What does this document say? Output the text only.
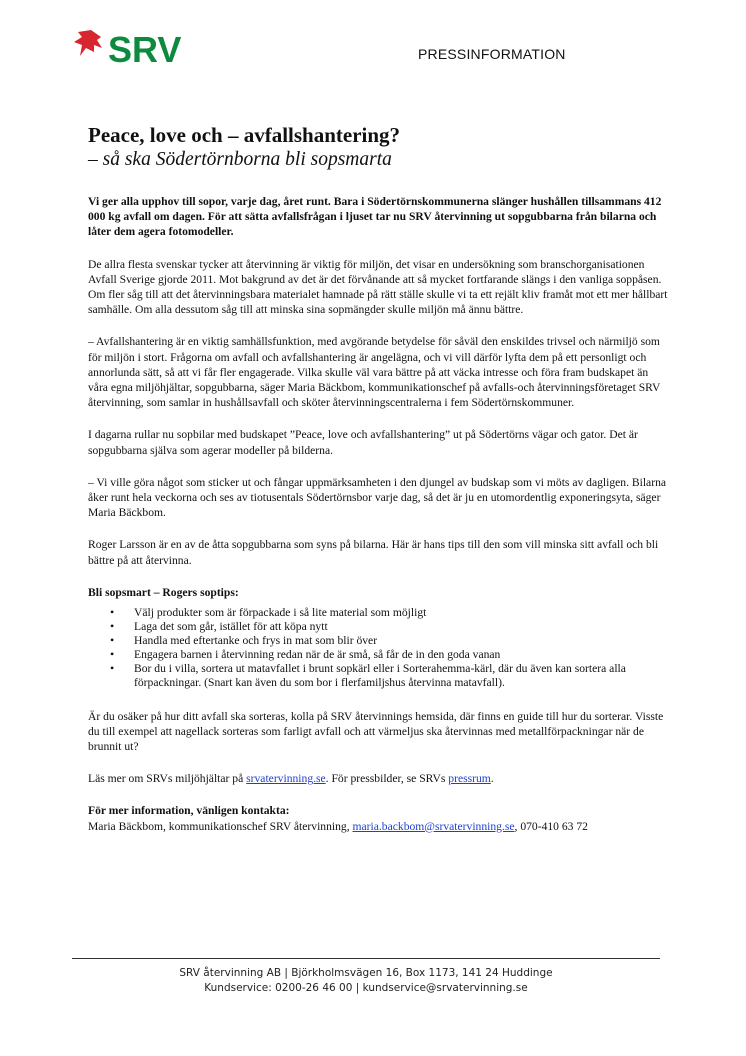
SRV	PRESSINFORMATION
Peace, love och – avfallshantering?
– så ska Södertörnborna bli sopsmarta

Vi ger alla upphov till sopor, varje dag, året runt. Bara i Södertörnskommunerna slänger hushållen tillsammans 412 000 kg avfall om dagen. För att sätta avfallsfrågan i ljuset tar nu SRV återvinning ut sopgubbarna från bilarna och låter dem agera fotomodeller.

De allra flesta svenskar tycker att återvinning är viktig för miljön, det visar en undersökning som branschorganisationen Avfall Sverige gjorde 2011. Mot bakgrund av det är det förvånande att så mycket fortfarande slängs i den vanliga soppåsen. Om fler såg till att det återvinningsbara materialet hamnade på rätt ställe skulle vi ta ett rejält kliv framåt mot ett mer hållbart samhälle. Om alla dessutom såg till att minska sina sopmängder skulle miljön må ännu bättre.

– Avfallshantering är en viktig samhällsfunktion, med avgörande betydelse för såväl den enskildes trivsel och närmiljö som för miljön i stort. Frågorna om avfall och avfallshantering är angelägna, och vi vill därför lyfta dem på ett personligt och annorlunda sätt, så att vi får fler engagerade. Vilka skulle väl vara bättre på att väcka intresse och föra fram budskapet än våra egna miljöhjältar, sopgubbarna, säger Maria Bäckbom, kommunikationschef på avfalls-och återvinningsföretaget SRV återvinning, som samlar in hushållsavfall och sköter återvinningscentralerna i fem Södertörnskommuner.

I dagarna rullar nu sopbilar med budskapet ”Peace, love och avfallshantering” ut på Södertörns vägar och gator. Det är sopgubbarna själva som agerar modeller på bilderna.

– Vi ville göra något som sticker ut och fångar uppmärksamheten i den djungel av budskap som vi möts av dagligen. Bilarna åker runt hela veckorna och ses av tiotusentals Södertörnsbor varje dag, så det är ju en utomordentlig exponeringsyta, säger Maria Bäckbom.

Roger Larsson är en av de åtta sopgubbarna som syns på bilarna. Här är hans tips till den som vill minska sitt avfall och bli bättre på att återvinna.

Bli sopsmart – Rogers soptips:

• Välj produkter som är förpackade i så lite material som möjligt
• Laga det som går, istället för att köpa nytt
• Handla med eftertanke och frys in mat som blir över
• Engagera barnen i återvinning redan när de är små, så får de in den goda vanan
• Bor du i villa, sortera ut matavfallet i brunt sopkärl eller i Sorterahemma-kärl, där du även kan sortera alla förpackningar. (Snart kan även du som bor i flerfamiljshus återvinna matavfall).

Är du osäker på hur ditt avfall ska sorteras, kolla på SRV återvinnings hemsida, där finns en guide till hur du sorterar. Visste du till exempel att nagellack sorteras som farligt avfall och att värmeljus ska återvinnas med metallförpackningar när de brunnit ut?

Läs mer om SRVs miljöhjältar på srvatervinning.se. För pressbilder, se SRVs pressrum.

För mer information, vänligen kontakta:

Maria Bäckbom, kommunikationschef SRV återvinning, maria.backbom@srvatervinning.se, 070-410 63 72

SRV återvinning AB | Björkholmsvägen 16, Box 1173, 141 24 Huddinge
Kundservice: 0200-26 46 00 | kundservice@srvatervinning.se
